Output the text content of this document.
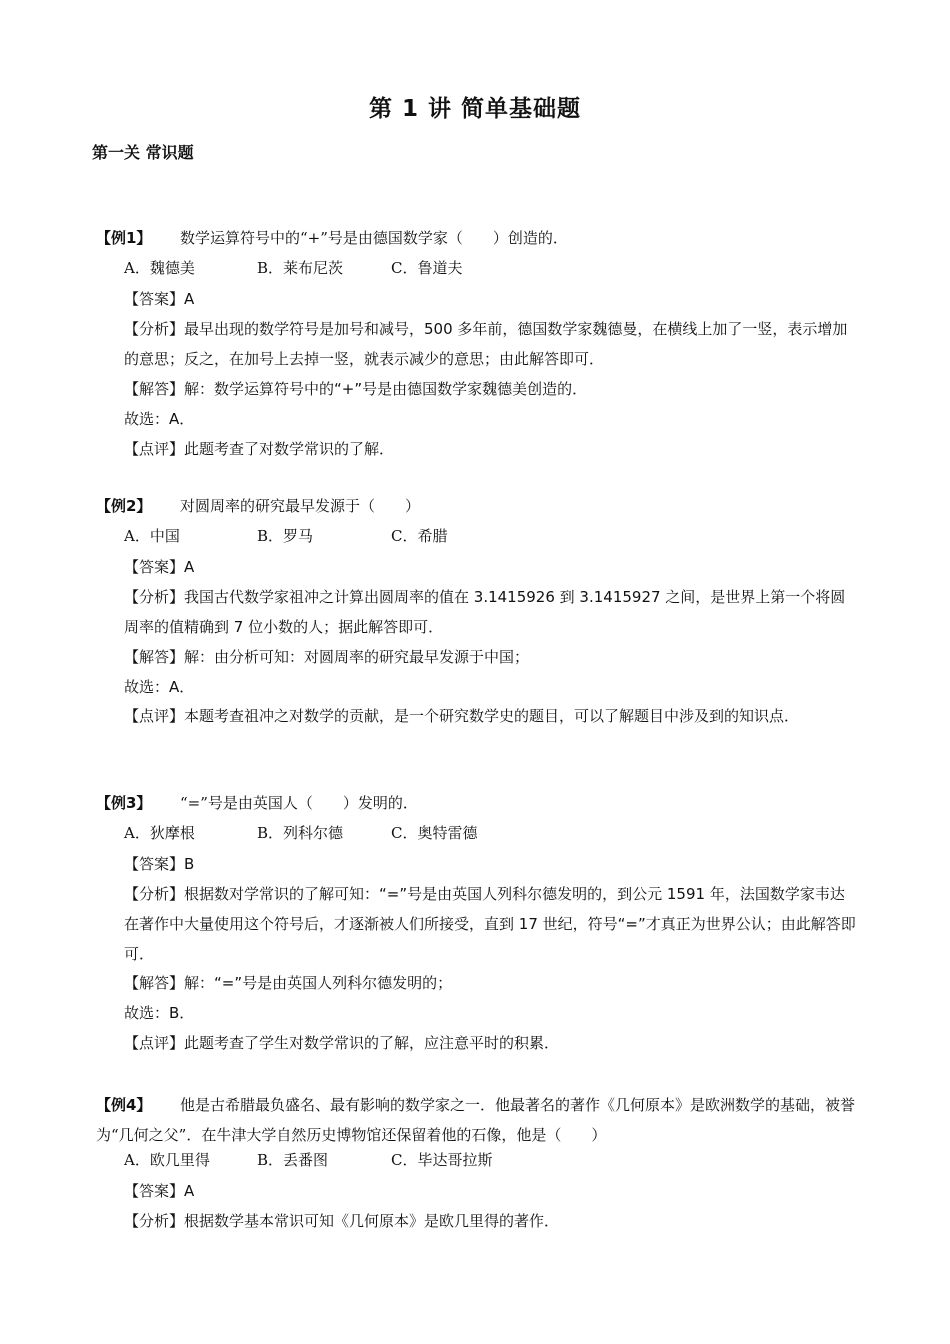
第 1 讲 简单基础题
第一关 常识题
【例1】 数学运算符号中的“+”号是由德国数学家（　　）创造的．
A．魏德美	B．莱布尼茨	C．鲁道夫
【答案】A
【分析】最早出现的数学符号是加号和减号，500 多年前，德国数学家魏德曼，在横线上加了一竖，表示增加的意思；反之，在加号上去掉一竖，就表示减少的意思；由此解答即可．
【解答】解：数学运算符号中的“+”号是由德国数学家魏德美创造的．
故选：A．
【点评】此题考查了对数学常识的了解．
【例2】 对圆周率的研究最早发源于（　　）
A．中国	B．罗马	C．希腊
【答案】A
【分析】我国古代数学家祖冲之计算出圆周率的值在 3.1415926 到 3.1415927 之间，是世界上第一个将圆周率的值精确到 7 位小数的人；据此解答即可．
【解答】解：由分析可知：对圆周率的研究最早发源于中国；
故选：A．
【点评】本题考查祖冲之对数学的贡献，是一个研究数学史的题目，可以了解题目中涉及到的知识点．
【例3】 “=”号是由英国人（　　）发明的．
A．狄摩根	B．列科尔德	C．奥特雷德
【答案】B
【分析】根据数对学常识的了解可知：“=”号是由英国人列科尔德发明的，到公元 1591 年，法国数学家韦达在著作中大量使用这个符号后，才逐渐被人们所接受，直到 17 世纪，符号“=”才真正为世界公认；由此解答即可．
【解答】解：“=”号是由英国人列科尔德发明的；
故选：B．
【点评】此题考查了学生对数学常识的了解，应注意平时的积累．
【例4】 他是古希腊最负盛名、最有影响的数学家之一．他最著名的著作《几何原本》是欧洲数学的基础，被誉为“几何之父”．在牛津大学自然历史博物馆还保留着他的石像，他是（　　）
A．欧几里得	B．丢番图	C．毕达哥拉斯
【答案】A
【分析】根据数学基本常识可知《几何原本》是欧几里得的著作．
